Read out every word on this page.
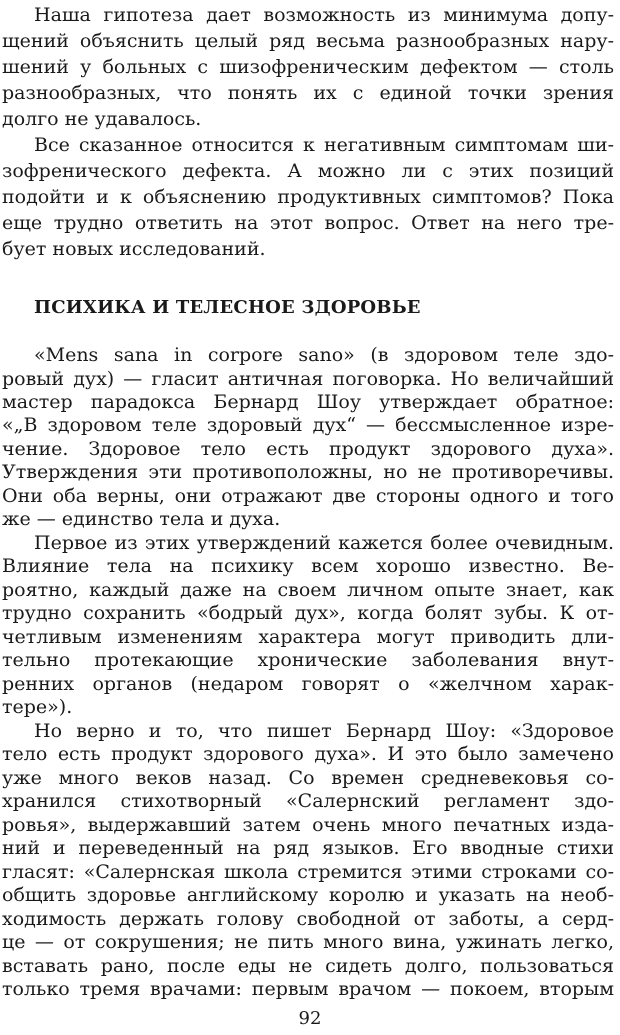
Наша гипотеза дает возможность из минимума допу-

щений объяснить целый ряд весьма разнообразных нару-

шений у больных с шизофреническим дефектом — столь

разнообразных, что понять их с единой точки зрения

долго не удавалось.

Все сказанное относится к негативным симптомам ши-

зофренического дефекта. А можно ли с этих позиций

подойти и к объяснению продуктивных симптомов? Пока

еще трудно ответить на этот вопрос. Ответ на него тре-

бует новых исследований.

ПСИХИКА И ТЕЛЕСНОЕ ЗДОРОВЬЕ

«Mens sana in corpore sano» (в здоровом теле здо-

ровый дух) — гласит античная поговорка. Но величайший

мастер парадокса Бернард Шоу утверждает обратное:

«„В здоровом теле здоровый дух“ — бессмысленное изре-

чение. Здоровое тело есть продукт здорового духа».

Утверждения эти противоположны, но не противоречивы.

Они оба верны, они отражают две стороны одного и того

же — единство тела и духа.

Первое из этих утверждений кажется более очевидным.

Влияние тела на психику всем хорошо известно. Ве-

роятно, каждый даже на своем личном опыте знает, как

трудно сохранить «бодрый дух», когда болят зубы. К от-

четливым изменениям характера могут приводить дли-

тельно протекающие хронические заболевания внут-

ренних органов (недаром говорят о «желчном харак-

тере»).

Но верно и то, что пишет Бернард Шоу: «Здоровое

тело есть продукт здорового духа». И это было замечено

уже много веков назад. Со времен средневековья со-

хранился стихотворный «Салернский регламент здо-

ровья», выдержавший затем очень много печатных изда-

ний и переведенный на ряд языков. Его вводные стихи

гласят: «Салернская школа стремится этими строками со-

общить здоровье английскому королю и указать на необ-

ходимость держать голову свободной от заботы, а серд-

92

це — от сокрушения; не пить много вина, ужинать легко,

вставать рано, после еды не сидеть долго, пользоваться

только тремя врачами: первым врачом — покоем, вторым
